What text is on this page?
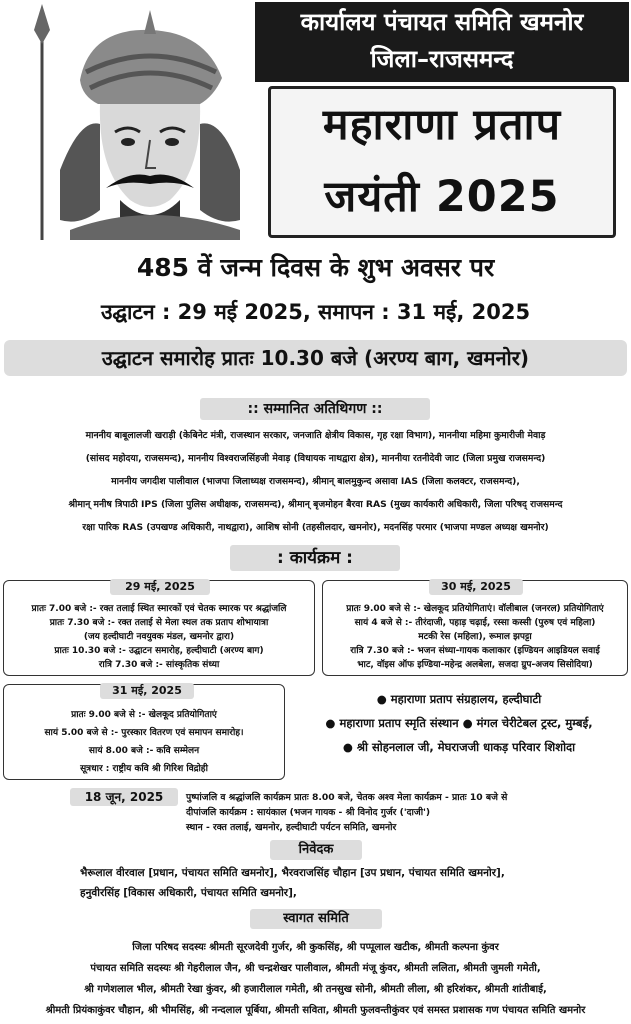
कार्यालय पंचायत समिति खमनोर
जिला–राजसमन्द
महाराणा प्रताप
जयंती 2025
485 वें जन्म दिवस के शुभ अवसर पर
उद्घाटन : 29 मई 2025, समापन : 31 मई, 2025
उद्घाटन समारोह प्रातः 10.30 बजे (अरण्य बाग, खमनोर)
:: सम्मानित अतिथिगण ::
माननीय बाबूलालजी खराड़ी (केबिनेट मंत्री, राजस्थान सरकार, जनजाति क्षेत्रीय विकास, गृह रक्षा विभाग), माननीया महिमा कुमारीजी मेवाड़
(सांसद महोदया, राजसमन्द), माननीय विश्वराजसिंहजी मेवाड़ (विधायक नाथद्वारा क्षेत्र), माननीया रतनीदेवी जाट (जिला प्रमुख राजसमन्द)
माननीय जगदीश पालीवाल (भाजपा जिलाध्यक्ष राजसमन्द), श्रीमान् बालमुकुन्द असावा IAS (जिला कलक्टर, राजसमन्द),
श्रीमान् मनीष त्रिपाठी IPS (जिला पुलिस अधीक्षक, राजसमन्द), श्रीमान् बृजमोहन बैरवा RAS (मुख्य कार्यकारी अधिकारी, जिला परिषद् राजसमन्द
रक्षा पारिक RAS (उपखण्ड अधिकारी, नाथद्वारा), आशिष सोनी (तहसीलदार, खमनोर), मदनसिंह परमार (भाजपा मण्डल अध्यक्ष खमनोर)
: कार्यक्रम :
29 मई, 2025
प्रातः 7.00 बजे :- रक्त तलाई स्थित स्मारकों एवं चेतक स्मारक पर श्रद्धांजलि
प्रातः 7.30 बजे :- रक्त तलाई से मेला स्थल तक प्रताप शोभायात्रा
(जय हल्दीघाटी नवयुवक मंडल, खमनोर द्वारा)
प्रातः 10.30 बजे :- उद्घाटन समारोह, हल्दीघाटी (अरण्य बाग)
रात्रि 7.30 बजे :- सांस्कृतिक संध्या
30 मई, 2025
प्रातः 9.00 बजे से :- खेलकूद प्रतियोगिताएं। वॉलीबाल (जनरल) प्रतियोगिताएं
सायं 4 बजे से :- तीरंदाजी, पहाड़ चढ़ाई, रस्सा कस्सी (पुरुष एवं महिला)
मटकी रेस (महिला), रूमाल झपट्टा
रात्रि 7.30 बजे :- भजन संध्या-गायक कलाकार (इण्डियन आइडियल सवाई
भाट, वॉइस ऑफ इण्डिया-महेन्द्र अलबेला, सजदा ग्रुप-अजय सिसोदिया)
31 मई, 2025
प्रातः 9.00 बजे से :- खेलकूद प्रतियोगिताएं
सायं 5.00 बजे से :- पुरस्कार वितरण एवं समापन समारोह।
सायं 8.00 बजे :- कवि सम्मेलन
सूत्रधार : राष्ट्रीय कवि श्री गिरिश विद्रोही
● महाराणा प्रताप संग्रहालय, हल्दीघाटी
● महाराणा प्रताप स्मृति संस्थान ● मंगल चेरीटेबल ट्रस्ट, मुम्बई,
● श्री सोहनलाल जी, मेघराजजी धाकड़ परिवार शिशोदा
18 जून, 2025	पुष्पांजलि व श्रद्धांजलि कार्यक्रम प्रातः 8.00 बजे, चेतक अश्व मेला कार्यक्रम - प्रातः 10 बजे से
दीपांजलि कार्यक्रम : सायंकाल (भजन गायक - श्री विनोद गुर्जर ('दाजी')
स्थान - रक्त तलाई, खमनोर, हल्दीघाटी पर्यटन समिति, खमनोर
निवेदक
भैरूलाल वीरवाल [प्रधान, पंचायत समिति खमनोर], भैरवराजसिंह चौहान [उप प्रधान, पंचायत समिति खमनोर],
हनुवीरसिंह [विकास अधिकारी, पंचायत समिति खमनोर],
स्वागत समिति
जिला परिषद सदस्यः श्रीमती सूरजदेवी गुर्जर, श्री कुकसिंह, श्री पप्पूलाल खटीक, श्रीमती कल्पना कुंवर
पंचायत समिति सदस्यः श्री गेहरीलाल जैन, श्री चन्द्रशेखर पालीवाल, श्रीमती मंजू कुंवर, श्रीमती ललिता, श्रीमती जुमली गमेती,
श्री गणेशलाल भील, श्रीमती रेखा कुंवर, श्री हजारीलाल गमेती, श्री तनसुख सोनी, श्रीमती लीला, श्री हरिशंकर, श्रीमती शांतीबाई,
श्रीमती प्रियंकाकुंवर चौहान, श्री भीमसिंह, श्री नन्दलाल पूर्बिया, श्रीमती सविता, श्रीमती फुलवन्तीकुंवर एवं समस्त प्रशासक गण पंचायत समिति खमनोर
